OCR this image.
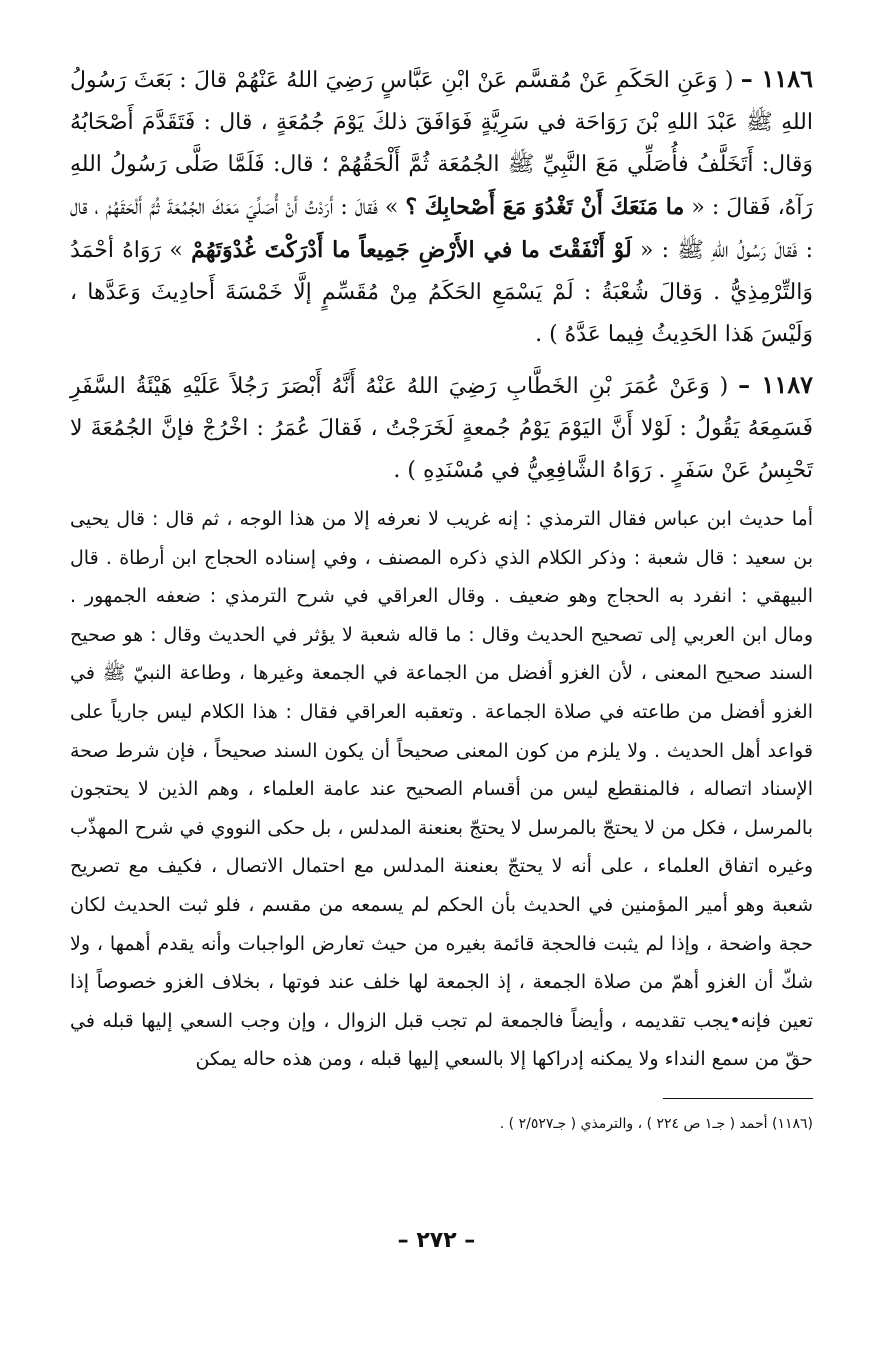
١١٨٦ – ( وَعَنِ الحَكَمِ عَنْ مُقسَّم عَنْ ابْنِ عَبَّاسٍ رَضِيَ اللهُ عَنْهُمْ قالَ : بَعَثَ رَسُولُ اللهِ ﷺ عَبْدَ اللهِ بْنَ رَوَاحَة في سَرِيَّةٍ فَوَافَقَ ذلكَ يَوْمَ جُمُعَةٍ ، قال : فَتَقَدَّمَ أَصْحَابُهُ وَقال: أَتَخَلَّفُ فأُصَلِّي مَعَ النَّبِيِّ ﷺ الجُمُعَة ثُمَّ أَلْحَقُهُمْ ؛ قال: فَلَمَّا صَلَّى رَسُولُ اللهِ رَآهُ، فَقالَ : « ما مَنَعَكَ أَنْ تَغْدُوَ مَعَ أَصْحابِكَ ؟ » فَقالَ : أَرَدْتُ أَنْ أُصَلِّيَ مَعَكَ الجُمُعَةَ ثُمَّ أَلْحَقَهُمْ ، قال : فَقالَ رَسُولُ اللهِ ﷺ : « لَوْ أَنْفَقْتَ ما في الأَرْضِ جَمِيعاً ما أَدْرَكْتَ غُدْوَتَهُمْ » رَوَاهُ أحْمَدُ وَالتِّرْمِذِيُّ . وَقالَ شُعْبَةُ : لَمْ يَسْمَعِ الحَكَمُ مِنْ مُقَسِّمٍ إلَّا خَمْسَةَ أَحادِيثَ وَعَدَّها ، وَلَيْسَ هَذا الحَدِيثُ فِيما عَدَّهُ ) .

١١٨٧ – ( وَعَنْ عُمَرَ بْنِ الخَطَّابِ رَضِيَ اللهُ عَنْهُ أَنَّهُ أَبْصَرَ رَجُلاً عَلَيْهِ هَيْئَةُ السَّفَرِ فَسَمِعَهُ يَقُولُ : لَوْلا أَنَّ اليَوْمَ يَوْمُ جُمعةٍ لَخَرَجْتُ ، فَقالَ عُمَرُ : اخْرُجْ فإنَّ الجُمُعَةَ لا تَحْبِسُ عَنْ سَفَرٍ . رَوَاهُ الشَّافِعِيُّ في مُسْنَدِهِ ) .

أما حديث ابن عباس فقال الترمذي : إنه غريب لا نعرفه إلا من هذا الوجه ، ثم قال : قال يحيى بن سعيد : قال شعبة : وذكر الكلام الذي ذكره المصنف ، وفي إسناده الحجاج ابن أرطاة . قال البيهقي : انفرد به الحجاج وهو ضعيف . وقال العراقي في شرح الترمذي : ضعفه الجمهور . ومال ابن العربي إلى تصحيح الحديث وقال : ما قاله شعبة لا يؤثر في الحديث وقال : هو صحيح السند صحيح المعنى ، لأن الغزو أفضل من الجماعة في الجمعة وغيرها ، وطاعة النبيّ ﷺ في الغزو أفضل من طاعته في صلاة الجماعة . وتعقبه العراقي فقال : هذا الكلام ليس جارياً على قواعد أهل الحديث . ولا يلزم من كون المعنى صحيحاً أن يكون السند صحيحاً ، فإن شرط صحة الإسناد اتصاله ، فالمنقطع ليس من أقسام الصحيح عند عامة العلماء ، وهم الذين لا يحتجون بالمرسل ، فكل من لا يحتجّ بالمرسل لا يحتجّ بعنعنة المدلس ، بل حكى النووي في شرح المهذّب وغيره اتفاق العلماء ، على أنه لا يحتجّ بعنعنة المدلس مع احتمال الاتصال ، فكيف مع تصريح شعبة وهو أمير المؤمنين في الحديث بأن الحكم لم يسمعه من مقسم ، فلو ثبت الحديث لكان حجة واضحة ، وإذا لم يثبت فالحجة قائمة بغيره من حيث تعارض الواجبات وأنه يقدم أهمها ، ولا شكّ أن الغزو أهمّ من صلاة الجمعة ، إذ الجمعة لها خلف عند فوتها ، بخلاف الغزو خصوصاً إذا تعين فإنه•يجب تقديمه ، وأيضاً فالجمعة لم تجب قبل الزوال ، وإن وجب السعي إليها قبله في حقّ من سمع النداء ولا يمكنه إدراكها إلا بالسعي إليها قبله ، ومن هذه حاله يمكن

(١١٨٦) أحمد ( جـ١ ص ٢٢٤ ) ، والترمذي ( جـ٢/٥٢٧ ) .

– ٢٧٢ –
